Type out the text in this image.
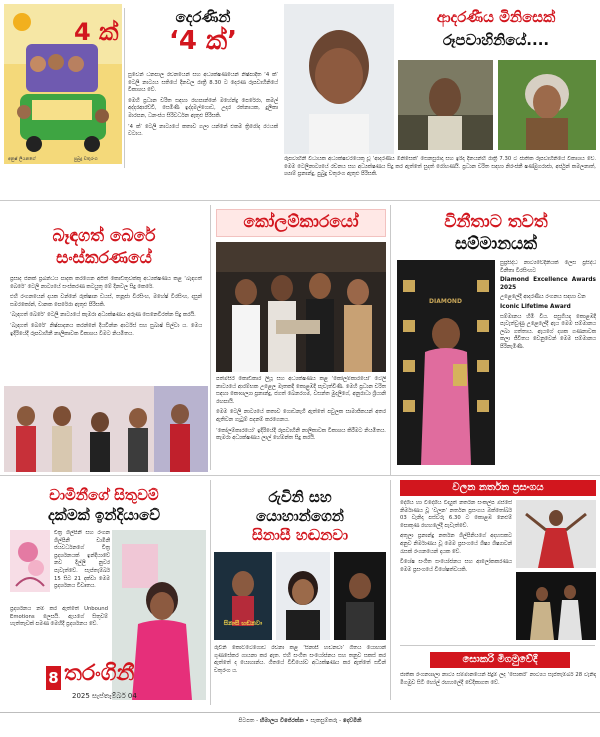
4 ක්
අනුෂ් ලියනගේ	පුබුදු චතුරංග
දෙරණින්
‘4 ක්’

සුවෙන් ධනපාල රචනයෙන් සහ අධ්‍යක්ෂණයෙන් නිෂ්පාදිත ‘4 ක්’ ටෙලි නාට්‍යය සතියේ දිනවල රාත්‍රී 8.30 ට දෙරණ රූපවාහිනියේ විකාශය වේ.

මෙහි ප්‍රධාන චරිත සඳහා රඟපාන්නේ මහේන්ද්‍ර පෙරේරා, කමල් අද්දරආරච්චි, සෙමිණි ඉද්දමල්ගොඩ, උදාර රත්නායක, දුලීකා මාරපන, ධනංජය සිරිවර්ධන ඇතුළු පිරිසකි.

‘4 ක්’ ටෙලි නාට්‍යයේ කතාව ගලා යන්නේ එකම ත්‍රිරෝද රථයක් වටාය.

ආදරණීය මිනිසෙක්
රූපවාහිනියේ....
රූපවාහිනී විධායක අධ්‍යක්ෂවරයෙකු වූ ‘ආදරණීය මිනිසෙක්’ සෙනසුරාදා සහ ඉරිදා දිනයන්හි රාත්‍රී 7.30 ට ජාතික රූපවාහිනියේ විකාශය වේ. මෙම ටෙලිනාට්‍යයේ රචනය සහ අධ්‍යක්ෂණය සිදු කර ඇත්තේ සුදත් රෝහණයි. ප්‍රධාන චරිත සඳහා නිරංජනී ෂණ්මුගරාජා, අර්ජුන් කමලනාත්, ශ්‍යාම් ප්‍රනාන්දු, පුබුදු චතුරංග ඇතුළු පිරිසකි.
බෑඳගත් බෙරේ
සංස්කරණයේ

ප්‍රසාද ජනක් ප්‍රබන්ධය පාදක කරගෙන අජිත් කොඩිතුවක්කු අධ්‍යක්ෂණය කළ ‘බැඳගත් බෙරේ’ ටෙලි නාට්‍යයේ සංස්කරණ කටයුතු මේ දිනවල සිදු කෙරේ.

එහි රංගනයෙන් දායක වන්නේ රුක්ෂාන ඩයස්, තනූජා වීරසිංහ, මහේෂ් වීරසිංහ, දසුන් සමරකෝන්, චානක පෙරේරා ඇතුළු පිරිසකි.

‘බැඳගත් බෙරේ’ ටෙලි නාට්‍යයේ කැමරා අධ්‍යක්ෂණය අරුණ සෙනෙවිරත්න සිදු කරයි.

‘බැඳගත් බෙරේ’ නිෂ්පාදනය කරන්නේ දියවින්න ආර්ට්ස් සහ සුබාෂ් සිල්වා ය. මෙය ඉදිරියේදී රූපවාහිනී නාලිකාවක විකාශය වීමට නියමිතය.

කෝලම්කාරයෝ

පත්මසිරි කොඩිකාර ලියූ සහ අධ්‍යක්ෂණය කළ ‘කෝලම්කාරයෝ’ ටෙලි නාට්‍යයේ ආරම්භක උළෙල මෑතකදී කොළඹදී පැවැත්විණි. මෙහි ප්‍රධාන චරිත සඳහා කෞශල්‍යා ප්‍රනාන්දු, ජගත් බෙනරගම, වසන්ත මුදලිගේ, අනුරාධා ශ්‍රියානි රඟපායි.

මෙම ටෙලි නාට්‍යයේ කතාව ගොඩනැගී ඇත්තේ පවුලක සාමාජිකයන් අතර ඇතිවන ගැටුම් පදනම් කරගෙනය.

‘කෝලම්කාරයෝ’ ඉදිරියේදී රූපවාහිනී නාලිකාවක විකාශය කිරීමට නියමිතය. කැමරා අධ්‍යක්ෂණය ලාල් හේමන්ත සිදු කරයි.

විනීතාට තවත්
සම්මානයක්
DIAMOND
සුප්‍රසිද්ධ නාට්‍යවේදිනියක් ලෙස ප්‍රසිද්ධ විනීතා වීරසිංහට
Diamond Excellence Awards 2025
උළෙලේදී ආදරණීය රංගනය සඳහා වන
Iconic Lifetime Award
සම්මානය හිමි විය. පසුගියදා කොළඹදී පැවැත්වුණු උළෙලේදී ඇය මෙම සම්මානය ලබා ගත්තාය. ඇයගේ දශක ගණනාවක කලා ජීවිතය වෙනුවෙන් මෙම සම්මානය පිරිනැමිණි.
චාමිනීගේ සිතුවම්
දක්මක් ඉන්දියාවේ
චිත්‍ර ශිල්පිනී සහ රංගන ශිල්පිනී චාමිනී ජයවර්ධනගේ චිත්‍ර ප්‍රදර්ශනයක් ඉන්දියාවේ නව දිල්ලි නුවර පැවැත්වේ. සැප්තැම්බර් 15 සිට 21 දක්වා මෙම ප්‍රදර්ශනය විවෘතය.
ප්‍රදර්ශනය නම් කර ඇත්තේ Unbound Emotions ලෙසයි. ඇයගේ සිතුවම් හැත්තෑවක් පමණ මෙහිදී ප්‍රදර්ශනය වේ.
8 තරංගිනී
2025 සැප්තැම්බර් 04
රුවිනි සහ
යොහාන්ගෙන්
සිනාසී හඬනවා
සිනාසී හඬනවා
රුවිනි කොට්ටෙගොඩ රචනා කළ ‘සිනාසී හඬනවා’ ගීතය යොහාන් ගුණසේකර ගායනා කර ඇත. එහි සංගීත සංයෝජනය සහ තනුව සකස් කර ඇත්තේ ද යොහාන්ය. ගීතයේ වීඩියෝව අධ්‍යක්ෂණය කර ඇත්තේ සචින් චතුරංග ය.
වලන නර්තන ප්‍රසංගය

දේශීය හා විදේශීය විද්‍යුත් නර්තන සංකල්ප ඔස්සේ නිර්මාණය වූ ‘වලන’ නර්තන ප්‍රසංගය ඔක්තෝබර් 03 වැනිදා පස්වරු 6.30 ට කොළඹ නෙළුම් පොකුණ රඟහලේදී පැවැත්වේ.

අතුලා ප්‍රනාන්දු නර්තන ශිල්පිනියගේ අදහසකට අනුව නිර්මාණය වූ මෙම ප්‍රසංගයේ ශිෂ්‍ය ශිෂ්‍යාවන් රැසක් රංගනයෙන් දායක වේ.

විශේෂ සංගීත සංයෝජනය සහ ආලෝකකරණය මෙම ප්‍රසංගයේ විශේෂත්වයකි.

සොකරි මිගමුවේදී
ජාතික රංගනශාලා නාට්‍ය සම්මානයෙන් පිදුම් ලද ‘සොකරි’ නාට්‍යය සැප්තැම්බර් 28 වැනිදා මිගමුව සිටි හෝල් රඟහලේදී වේදිකාගත වේ.
පිටපත - හිමාලය විජේරත්න • සැකසුම්කරු - දෙව්මිනි
